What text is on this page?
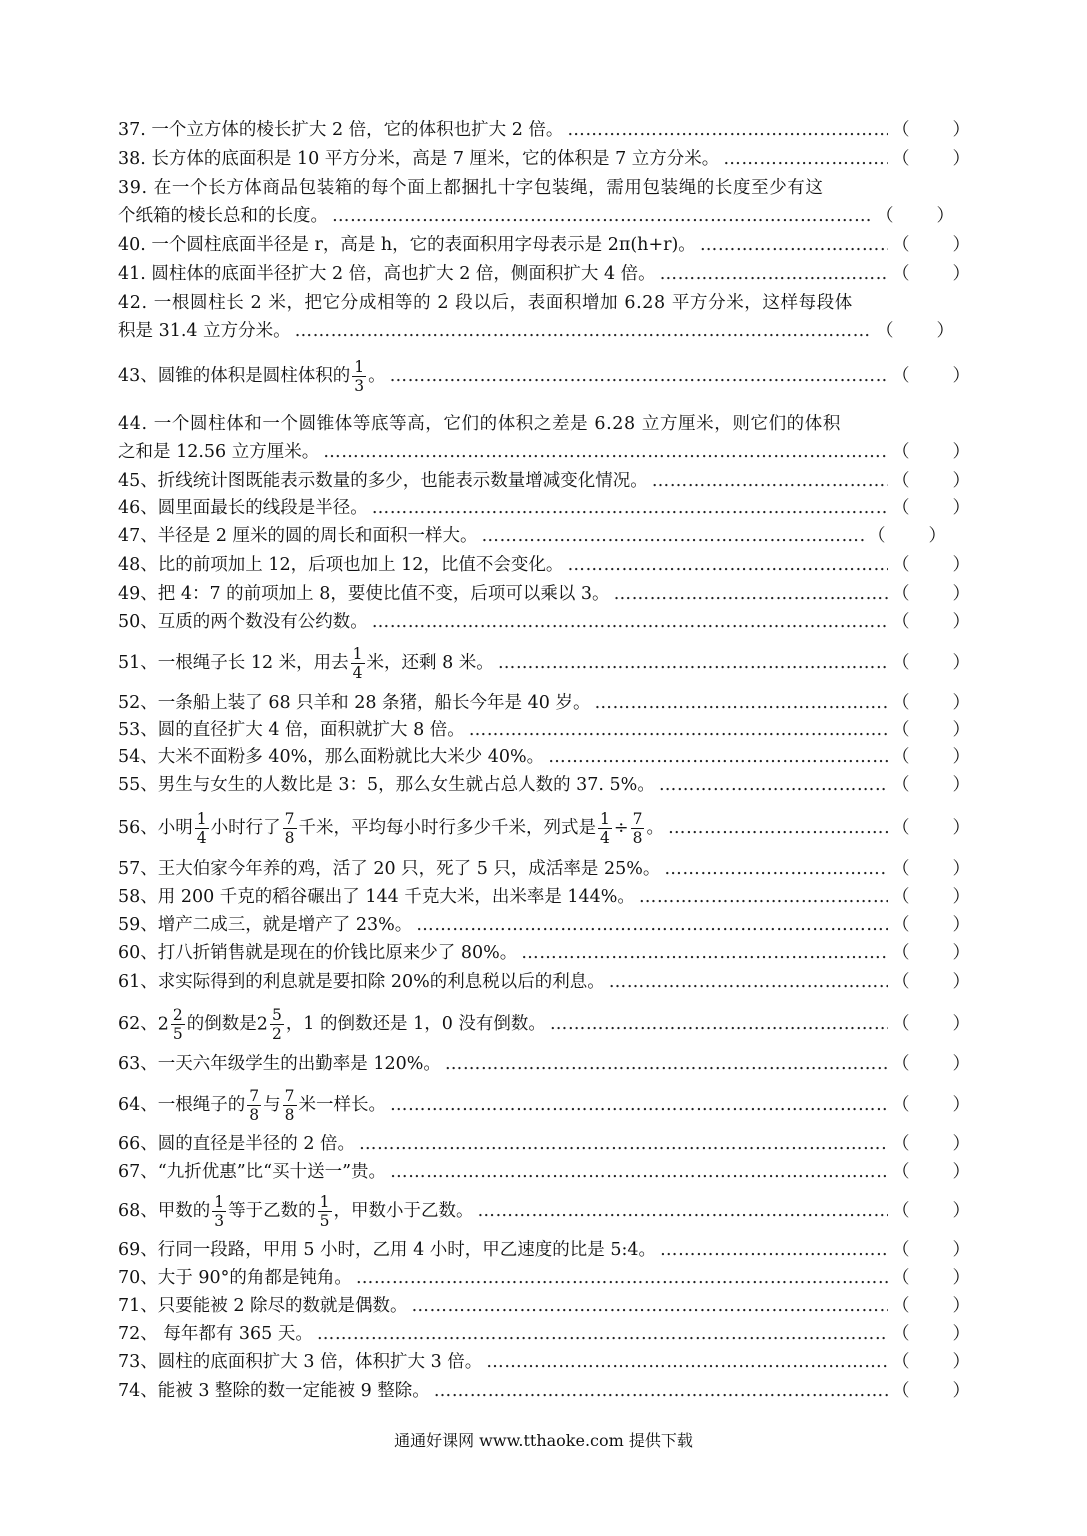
37. 一个立方体的棱长扩大 2 倍，它的体积也扩大 2 倍。 …………………………………………………………………………………………………………………………………………………………………………………………	（ ）
38. 长方体的底面积是 10 平方分米，高是 7 厘米，它的体积是 7 立方分米。 …………………………………………………………………………………………………………………………………………………………………………………………	（ ）
39. 在一个长方体商品包装箱的每个面上都捆扎十字包装绳，需用包装绳的长度至少有这
个纸箱的棱长总和的长度。 …………………………………………………………………………………………………………………………………………………………………………………………	（ ）
40. 一个圆柱底面半径是 r，高是 h，它的表面积用字母表示是 2π(h+r)。 …………………………………………………………………………………………………………………………………………………………………………………………	（ ）
41. 圆柱体的底面半径扩大 2 倍，高也扩大 2 倍，侧面积扩大 4 倍。 …………………………………………………………………………………………………………………………………………………………………………………………	（ ）
42. 一根圆柱长 2 米，把它分成相等的 2 段以后，表面积增加 6.28 平方分米，这样每段体
积是 31.4 立方分米。 …………………………………………………………………………………………………………………………………………………………………………………………	（ ）
43、圆锥的体积是圆柱体积的 $\frac{1}{3}$ 。 …………………………………………………………………………………………………………………………………………………………………………………………	（ ）
44. 一个圆柱体和一个圆锥体等底等高，它们的体积之差是 6.28 立方厘米，则它们的体积
之和是 12.56 立方厘米。 …………………………………………………………………………………………………………………………………………………………………………………………	（ ）
45、折线统计图既能表示数量的多少，也能表示数量增减变化情况。 …………………………………………………………………………………………………………………………………………………………………………………………	（ ）
46、圆里面最长的线段是半径。 …………………………………………………………………………………………………………………………………………………………………………………………	（ ）
47、半径是 2 厘米的圆的周长和面积一样大。 …………………………………………………………………………………………………………………………………………………………………………………………	（ ）
48、比的前项加上 12，后项也加上 12，比值不会变化。 …………………………………………………………………………………………………………………………………………………………………………………………	（ ）
49、把 4：7 的前项加上 8，要使比值不变，后项可以乘以 3。 …………………………………………………………………………………………………………………………………………………………………………………………	（ ）
50、互质的两个数没有公约数。 …………………………………………………………………………………………………………………………………………………………………………………………	（ ）
51、一根绳子长 12 米，用去 $\frac{1}{4}$ 米，还剩 8 米。 …………………………………………………………………………………………………………………………………………………………………………………………	（ ）
52、一条船上装了 68 只羊和 28 条猪，船长今年是 40 岁。 …………………………………………………………………………………………………………………………………………………………………………………………	（ ）
53、圆的直径扩大 4 倍，面积就扩大 8 倍。 …………………………………………………………………………………………………………………………………………………………………………………………	（ ）
54、大米不面粉多 40%，那么面粉就比大米少 40%。 …………………………………………………………………………………………………………………………………………………………………………………………	（ ）
55、男生与女生的人数比是 3：5，那么女生就占总人数的 37. 5%。 …………………………………………………………………………………………………………………………………………………………………………………………	（ ）
56、小明 $\frac{1}{4}$ 小时行了 $\frac{7}{8}$ 千米，平均每小时行多少千米，列式是 $\frac{1}{4} \div \frac{7}{8}$ 。 …………………………………………………………………………………………………………………………………………………………………………………………	（ ）
57、王大伯家今年养的鸡，活了 20 只，死了 5 只，成活率是 25%。 …………………………………………………………………………………………………………………………………………………………………………………………	（ ）
58、用 200 千克的稻谷碾出了 144 千克大米，出米率是 144%。 …………………………………………………………………………………………………………………………………………………………………………………………	（ ）
59、增产二成三，就是增产了 23%。 …………………………………………………………………………………………………………………………………………………………………………………………	（ ）
60、打八折销售就是现在的价钱比原来少了 80%。 …………………………………………………………………………………………………………………………………………………………………………………………	（ ）
61、求实际得到的利息就是要扣除 20%的利息税以后的利息。 …………………………………………………………………………………………………………………………………………………………………………………………	（ ）
62、$2 \frac{2}{5}$ 的倒数是$2 \frac{5}{2}$ ，1 的倒数还是 1，0 没有倒数。 …………………………………………………………………………………………………………………………………………………………………………………………	（ ）
63、一天六年级学生的出勤率是 120%。 …………………………………………………………………………………………………………………………………………………………………………………………	（ ）
64、一根绳子的 $\frac{7}{8}$ 与 $\frac{7}{8}$ 米一样长。 …………………………………………………………………………………………………………………………………………………………………………………………	（ ）
66、圆的直径是半径的 2 倍。 …………………………………………………………………………………………………………………………………………………………………………………………	（ ）
67、“九折优惠”比“买十送一”贵。 …………………………………………………………………………………………………………………………………………………………………………………………	（ ）
68、甲数的 $\frac{1}{3}$ 等于乙数的 $\frac{1}{5}$ ，甲数小于乙数。 …………………………………………………………………………………………………………………………………………………………………………………………	（ ）
69、行同一段路，甲用 5 小时，乙用 4 小时，甲乙速度的比是 5:4。 …………………………………………………………………………………………………………………………………………………………………………………………	（ ）
70、大于 90°的角都是钝角。 …………………………………………………………………………………………………………………………………………………………………………………………	（ ）
71、只要能被 2 除尽的数就是偶数。 …………………………………………………………………………………………………………………………………………………………………………………………	（ ）
72、 每年都有 365 天。 …………………………………………………………………………………………………………………………………………………………………………………………	（ ）
73、圆柱的底面积扩大 3 倍，体积扩大 3 倍。 …………………………………………………………………………………………………………………………………………………………………………………………	（ ）
74、能被 3 整除的数一定能被 9 整除。 …………………………………………………………………………………………………………………………………………………………………………………………	（ ）
通通好课网 www.tthaoke.com 提供下载
